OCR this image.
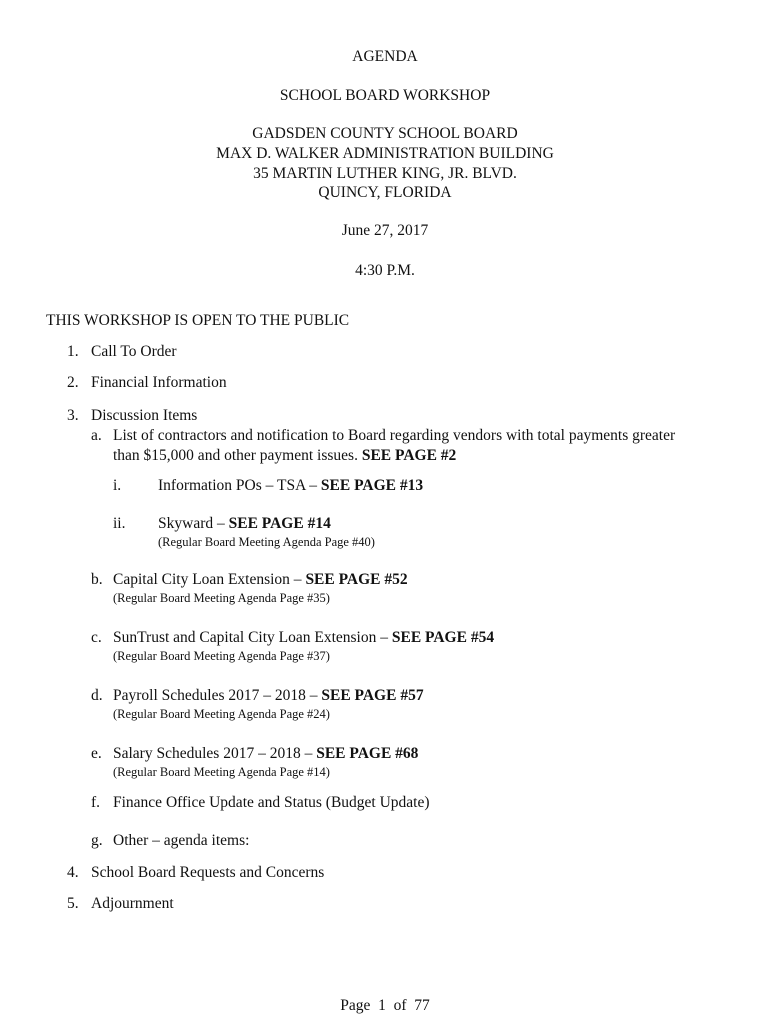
AGENDA
SCHOOL BOARD WORKSHOP
GADSDEN COUNTY SCHOOL BOARD
MAX D. WALKER ADMINISTRATION BUILDING
35 MARTIN LUTHER KING, JR. BLVD.
QUINCY, FLORIDA
June 27, 2017
4:30 P.M.
THIS WORKSHOP IS OPEN TO THE PUBLIC
1. Call To Order
2. Financial Information
3. Discussion Items
a. List of contractors and notification to Board regarding vendors with total payments greater
than $15,000 and other payment issues. SEE PAGE #2
i. Information POs – TSA – SEE PAGE #13
ii. Skyward – SEE PAGE #14
(Regular Board Meeting Agenda Page #40)
b. Capital City Loan Extension – SEE PAGE #52
(Regular Board Meeting Agenda Page #35)
c. SunTrust and Capital City Loan Extension – SEE PAGE #54
(Regular Board Meeting Agenda Page #37)
d. Payroll Schedules 2017 – 2018 – SEE PAGE #57
(Regular Board Meeting Agenda Page #24)
e. Salary Schedules 2017 – 2018 – SEE PAGE #68
(Regular Board Meeting Agenda Page #14)
f. Finance Office Update and Status (Budget Update)
g. Other – agenda items:
4. School Board Requests and Concerns
5. Adjournment
Page  1  of  77
